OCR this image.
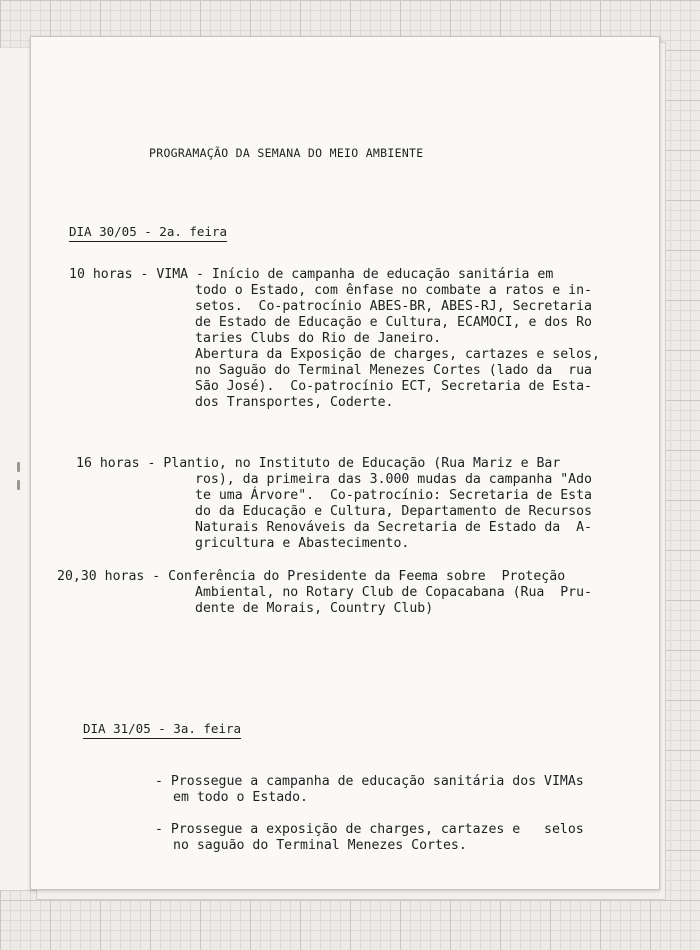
PROGRAMAÇÃO DA SEMANA DO MEIO AMBIENTE
DIA 30/05 - 2a. feira
10 horas - VIMA - Início de campanha de educação sanitária em
todo o Estado, com ênfase no combate a ratos e in-
setos.  Co-patrocínio ABES-BR, ABES-RJ, Secretaria
de Estado de Educação e Cultura, ECAMOCI, e dos Ro
taries Clubs do Rio de Janeiro.
Abertura da Exposição de charges, cartazes e selos,
no Saguão do Terminal Menezes Cortes (lado da  rua
São José).  Co-patrocínio ECT, Secretaria de Esta-
dos Transportes, Coderte.
16 horas - Plantio, no Instituto de Educação (Rua Mariz e Bar
ros), da primeira das 3.000 mudas da campanha "Ado
te uma Árvore".  Co-patrocínio: Secretaria de Esta
do da Educação e Cultura, Departamento de Recursos
Naturais Renováveis da Secretaria de Estado da  A-
gricultura e Abastecimento.
20,30 horas - Conferência do Presidente da Feema sobre  Proteção
Ambiental, no Rotary Club de Copacabana (Rua  Pru-
dente de Morais, Country Club)
DIA 31/05 - 3a. feira
- Prossegue a campanha de educação sanitária dos VIMAs
em todo o Estado.
- Prossegue a exposição de charges, cartazes e   selos
no saguão do Terminal Menezes Cortes.
